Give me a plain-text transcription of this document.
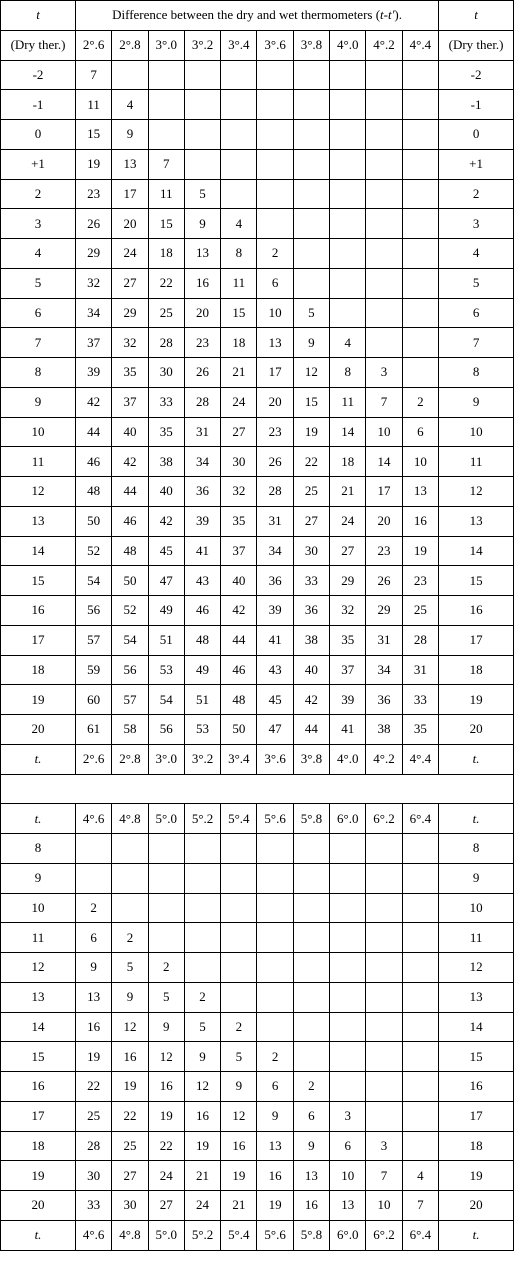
t	Difference between the dry and wet thermometers (t-t').										t
(Dry ther.)	2°.6	2°.8	3°.0	3°.2	3°.4	3°.6	3°.8	4°.0	4°.2	4°.4	(Dry ther.)
-2	7										-2
-1	11	4									-1
0	15	9									0
+1	19	13	7								+1
2	23	17	11	5							2
3	26	20	15	9	4						3
4	29	24	18	13	8	2					4
5	32	27	22	16	11	6					5
6	34	29	25	20	15	10	5				6
7	37	32	28	23	18	13	9	4			7
8	39	35	30	26	21	17	12	8	3		8
9	42	37	33	28	24	20	15	11	7	2	9
10	44	40	35	31	27	23	19	14	10	6	10
11	46	42	38	34	30	26	22	18	14	10	11
12	48	44	40	36	32	28	25	21	17	13	12
13	50	46	42	39	35	31	27	24	20	16	13
14	52	48	45	41	37	34	30	27	23	19	14
15	54	50	47	43	40	36	33	29	26	23	15
16	56	52	49	46	42	39	36	32	29	25	16
17	57	54	51	48	44	41	38	35	31	28	17
18	59	56	53	49	46	43	40	37	34	31	18
19	60	57	54	51	48	45	42	39	36	33	19
20	61	58	56	53	50	47	44	41	38	35	20
t.	2°.6	2°.8	3°.0	3°.2	3°.4	3°.6	3°.8	4°.0	4°.2	4°.4	t.

t.	4°.6	4°.8	5°.0	5°.2	5°.4	5°.6	5°.8	6°.0	6°.2	6°.4	t.
8											8
9											9
10	2										10
11	6	2									11
12	9	5	2								12
13	13	9	5	2							13
14	16	12	9	5	2						14
15	19	16	12	9	5	2					15
16	22	19	16	12	9	6	2				16
17	25	22	19	16	12	9	6	3			17
18	28	25	22	19	16	13	9	6	3		18
19	30	27	24	21	19	16	13	10	7	4	19
20	33	30	27	24	21	19	16	13	10	7	20
t.	4°.6	4°.8	5°.0	5°.2	5°.4	5°.6	5°.8	6°.0	6°.2	6°.4	t.
